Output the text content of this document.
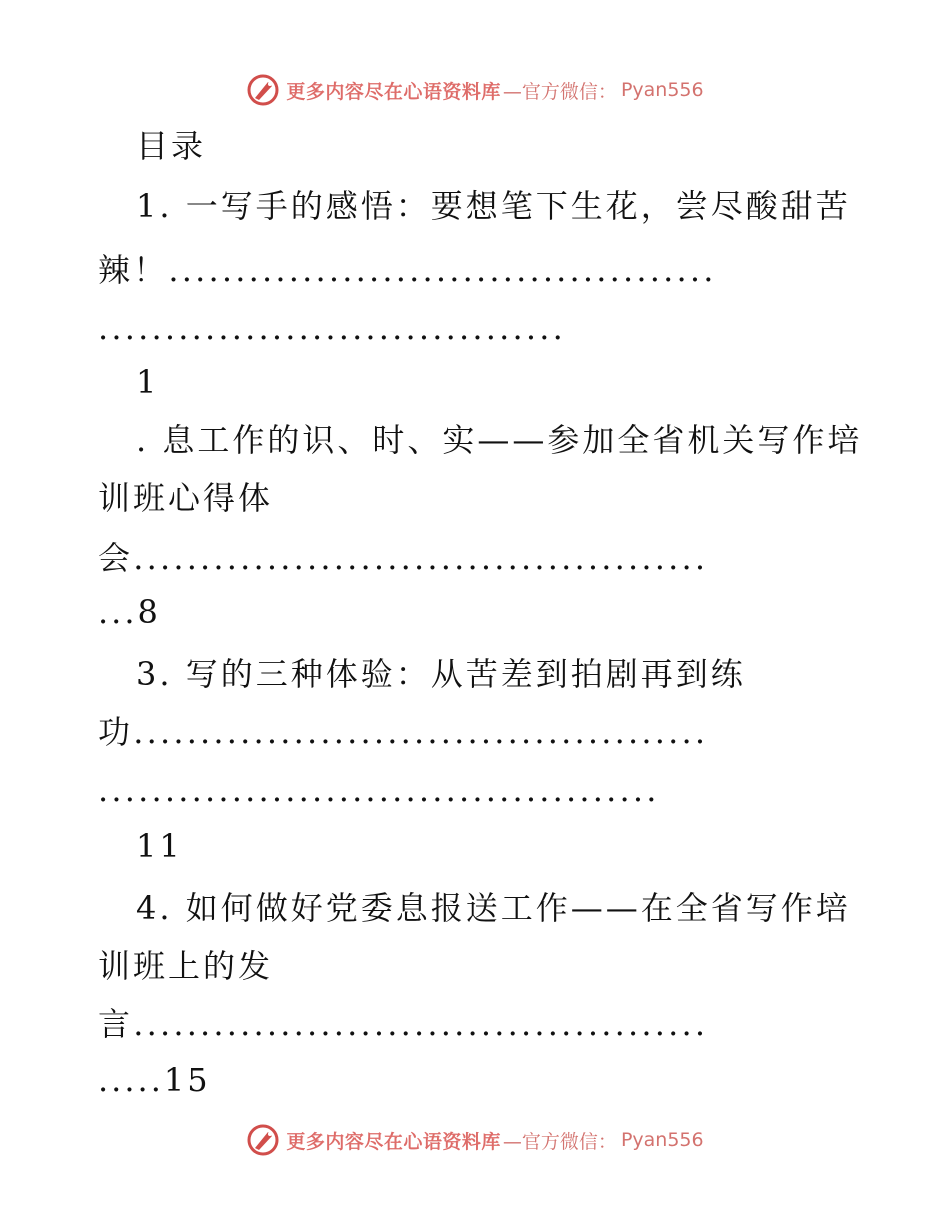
更多内容尽在心语资料库 —官方微信： Pyan556
目录
1. 一写手的感悟：要想笔下生花，尝尽酸甜苦
辣！.........................................
...................................
1
. 息工作的识、时、实——参加全省机关写作培
训班心得体
会...........................................
...8
3. 写的三种体验：从苦差到拍剧再到练
功...........................................
..........................................
11
4. 如何做好党委息报送工作——在全省写作培
训班上的发
言...........................................
.....15
更多内容尽在心语资料库 —官方微信： Pyan556
